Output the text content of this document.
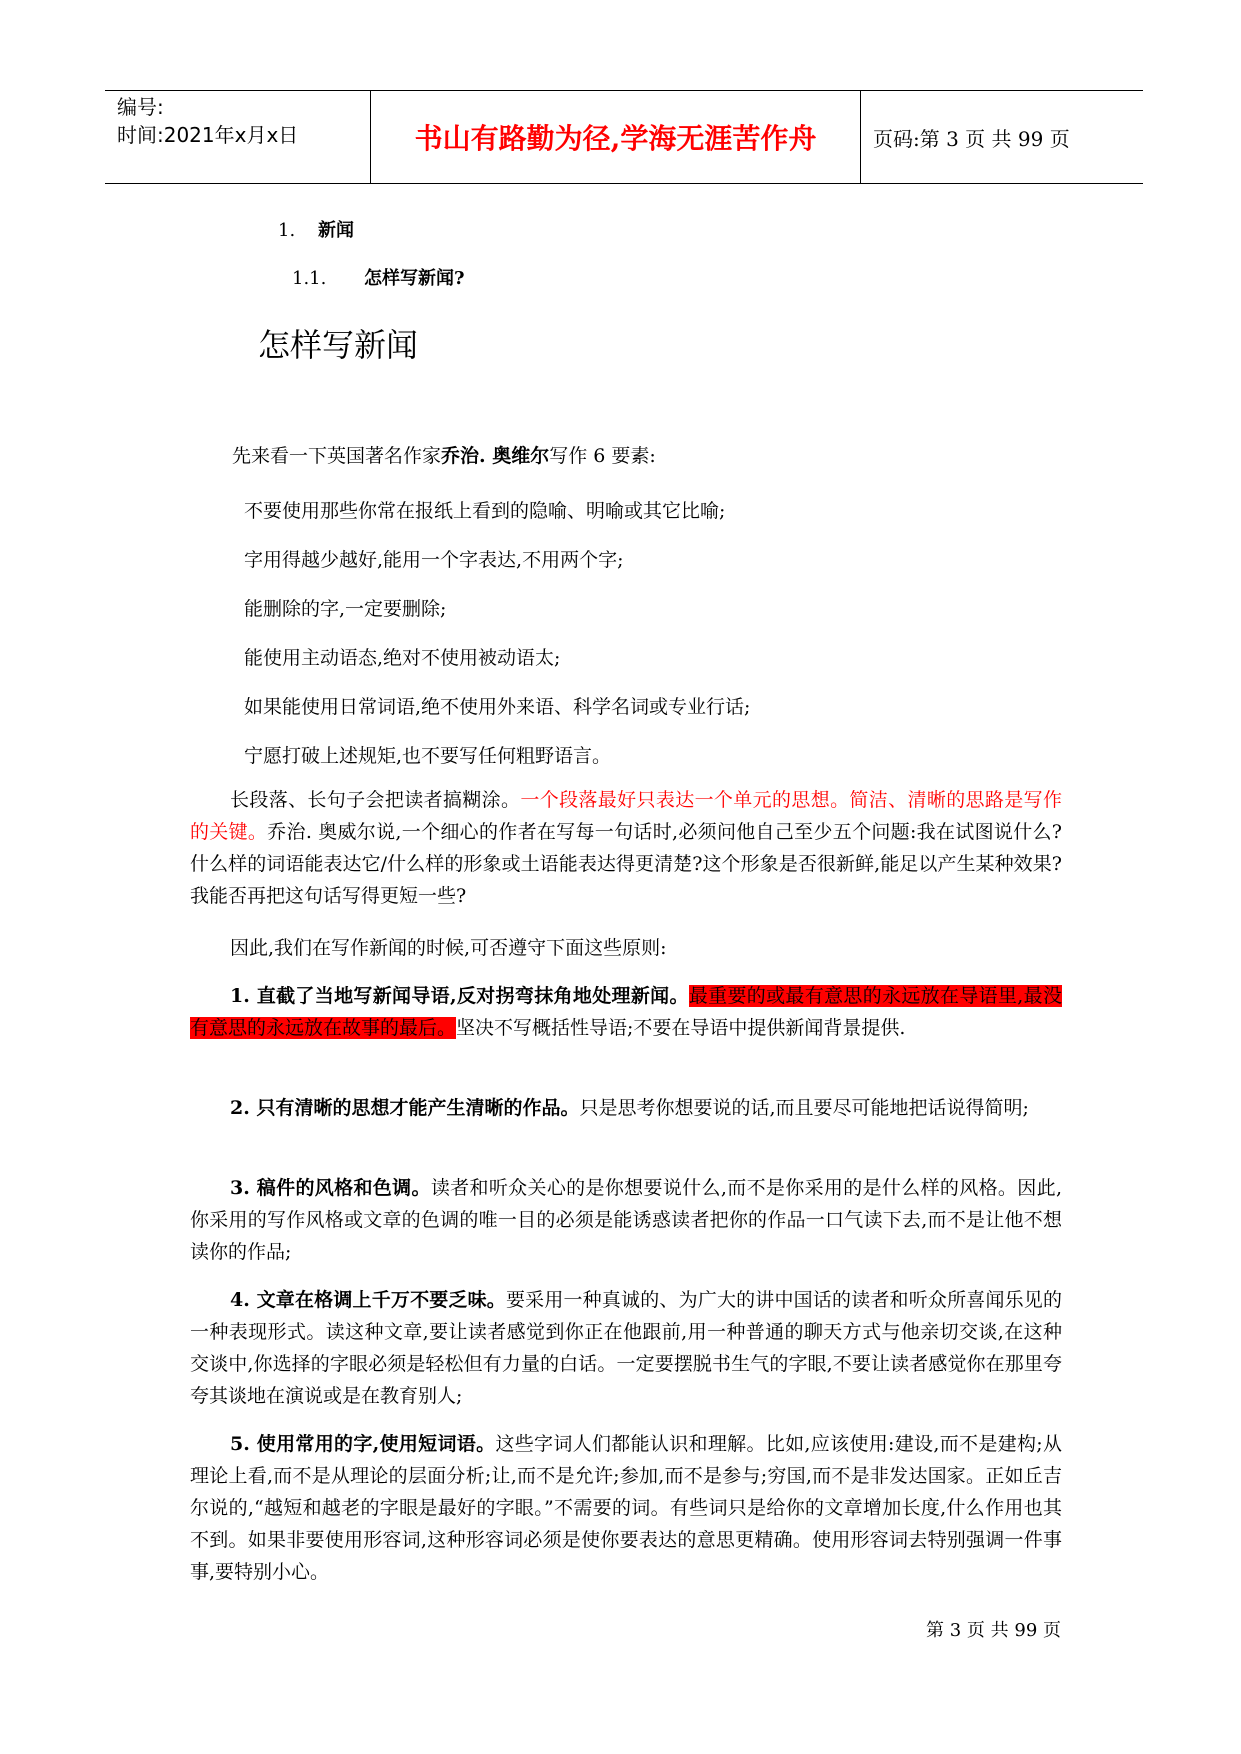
编号:
时间:2021年x月x日	书山有路勤为径,学海无涯苦作舟	页码:第 3 页 共 99 页
1. 新闻
1.1. 怎样写新闻?
怎样写新闻
先来看一下英国著名作家乔治. 奥维尔写作 6 要素:
不要使用那些你常在报纸上看到的隐喻、明喻或其它比喻;
字用得越少越好,能用一个字表达,不用两个字;
能删除的字,一定要删除;
能使用主动语态,绝对不使用被动语太;
如果能使用日常词语,绝不使用外来语、科学名词或专业行话;
宁愿打破上述规矩,也不要写任何粗野语言。
长段落、长句子会把读者搞糊涂。一个段落最好只表达一个单元的思想。简洁、清晰的思路是写作的关键。乔治. 奥威尔说,一个细心的作者在写每一句话时,必须问他自己至少五个问题:我在试图说什么?什么样的词语能表达它/什么样的形象或土语能表达得更清楚?这个形象是否很新鲜,能足以产生某种效果?我能否再把这句话写得更短一些?
因此,我们在写作新闻的时候,可否遵守下面这些原则:
1. 直截了当地写新闻导语,反对拐弯抹角地处理新闻。最重要的或最有意思的永远放在导语里,最没有意思的永远放在故事的最后。坚决不写概括性导语;不要在导语中提供新闻背景提供.
2. 只有清晰的思想才能产生清晰的作品。只是思考你想要说的话,而且要尽可能地把话说得简明;
3. 稿件的风格和色调。读者和听众关心的是你想要说什么,而不是你采用的是什么样的风格。因此,你采用的写作风格或文章的色调的唯一目的必须是能诱惑读者把你的作品一口气读下去,而不是让他不想读你的作品;
4. 文章在格调上千万不要乏味。要采用一种真诚的、为广大的讲中国话的读者和听众所喜闻乐见的一种表现形式。读这种文章,要让读者感觉到你正在他跟前,用一种普通的聊天方式与他亲切交谈,在这种交谈中,你选择的字眼必须是轻松但有力量的白话。一定要摆脱书生气的字眼,不要让读者感觉你在那里夸夸其谈地在演说或是在教育别人;
5. 使用常用的字,使用短词语。这些字词人们都能认识和理解。比如,应该使用:建设,而不是建构;从理论上看,而不是从理论的层面分析;让,而不是允许;参加,而不是参与;穷国,而不是非发达国家。正如丘吉尔说的,“越短和越老的字眼是最好的字眼。”不需要的词。有些词只是给你的文章增加长度,什么作用也其不到。如果非要使用形容词,这种形容词必须是使你要表达的意思更精确。使用形容词去特别强调一件事事,要特别小心。
第 3 页 共 99 页
